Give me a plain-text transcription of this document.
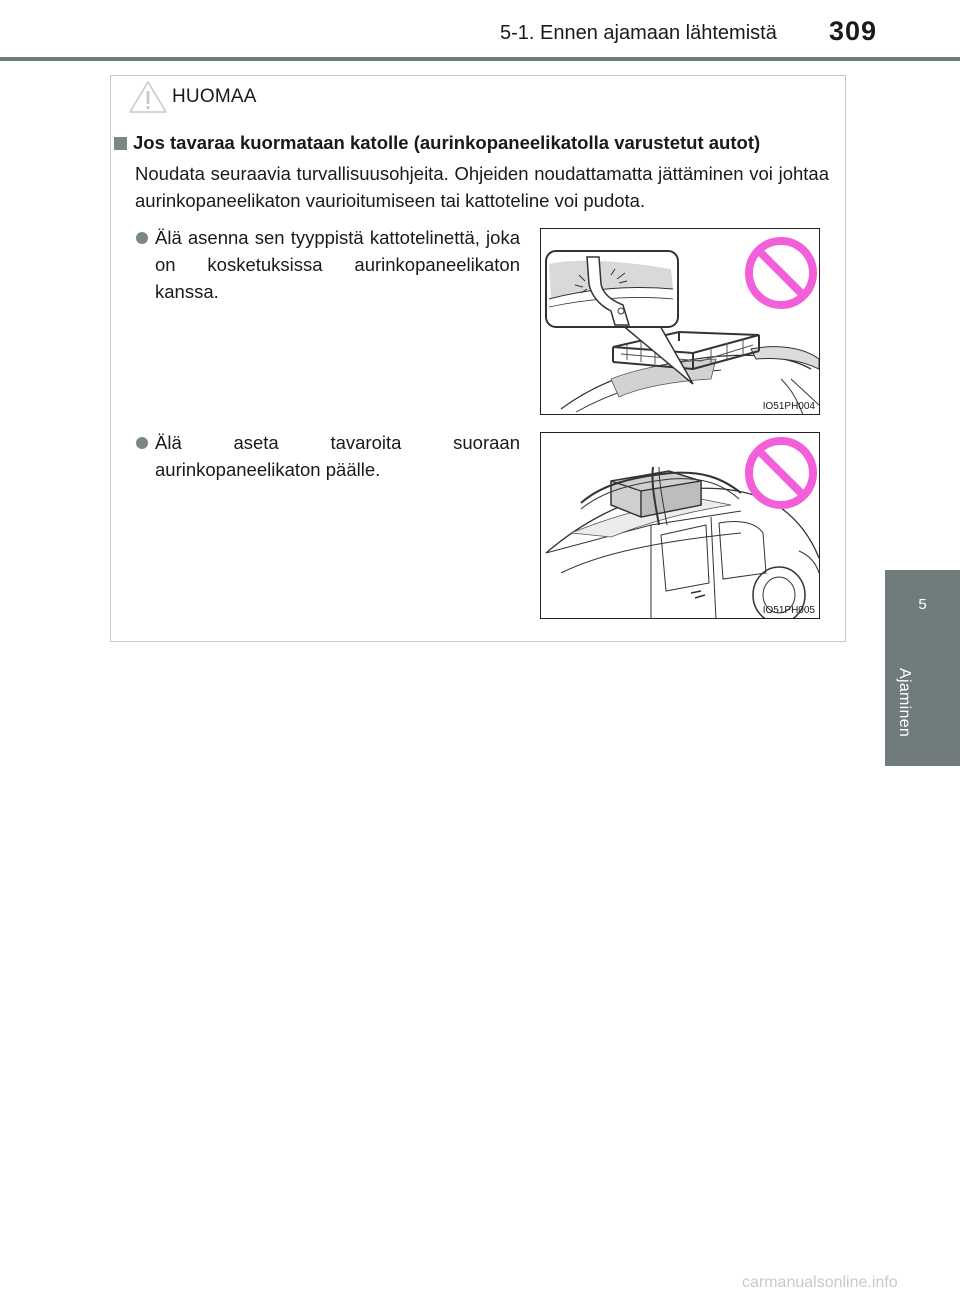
5-1. Ennen ajamaan lähtemistä 309
5
Ajaminen
HUOMAA
Jos tavaraa kuormataan katolle (aurinkopaneelikatolla varustetut autot)
Noudata seuraavia turvallisuusohjeita. Ohjeiden noudattamatta jättäminen voi johtaa aurinkopaneelikaton vaurioitumiseen tai kattoteline voi pudota.
Älä asenna sen tyyppistä kattotelinettä, joka on kosketuksissa aurinkopaneelikaton kanssa.
Älä aseta tavaroita suoraan aurinkopaneelikaton päälle.
IO51PH004
IO51PH005
carmanualsonline.info
